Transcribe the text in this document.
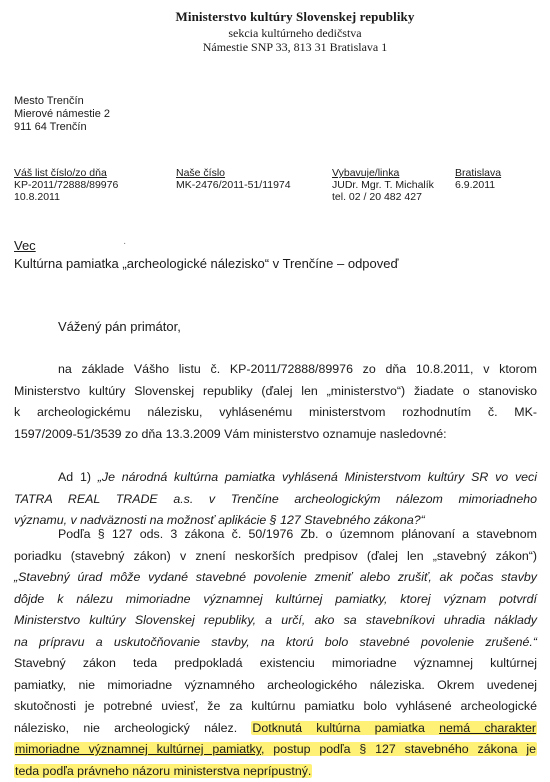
Ministerstvo kultúry Slovenskej republiky
sekcia kultúrneho dedičstva
Námestie SNP 33, 813 31 Bratislava 1
Mesto Trenčín
Mierové námestie 2
911 64 Trenčín
Váš list číslo/zo dňa
KP-2011/72888/89976
10.8.2011
Naše číslo
MK-2476/2011-51/11974
Vybavuje/linka
JUDr. Mgr. T. Michalík
tel. 02 / 20 482 427
Bratislava
6.9.2011
Vec
Kultúrna pamiatka „archeologické nálezisko“ v Trenčíne – odpoveď
Vážený pán primátor,
na základe Vášho listu č. KP-2011/72888/89976 zo dňa 10.8.2011, v ktorom
Ministerstvo kultúry Slovenskej republiky (ďalej len „ministerstvo“) žiadate o stanovisko
k archeologickému nálezisku, vyhlásenému ministerstvom rozhodnutím č. MK-
1597/2009-51/3539 zo dňa 13.3.2009 Vám ministerstvo oznamuje nasledovné:
Ad 1) „Je národná kultúrna pamiatka vyhlásená Ministerstvom kultúry SR vo veci
TATRA REAL TRADE a.s. v Trenčíne archeologickým nálezom mimoriadneho
významu, v nadväznosti na možnosť aplikácie § 127 Stavebného zákona?“
Podľa § 127 ods. 3 zákona č. 50/1976 Zb. o územnom plánovaní a stavebnom
poriadku (stavebný zákon) v znení neskorších predpisov (ďalej len „stavebný zákon“)
„Stavebný úrad môže vydané stavebné povolenie zmeniť alebo zrušiť, ak počas stavby
dôjde k nálezu mimoriadne významnej kultúrnej pamiatky, ktorej význam potvrdí
Ministerstvo kultúry Slovenskej republiky, a určí, ako sa stavebníkovi uhradia náklady
na prípravu a uskutočňovanie stavby, na ktorú bolo stavebné povolenie zrušené.“
Stavebný zákon teda predpokladá existenciu mimoriadne významnej kultúrnej
pamiatky, nie mimoriadne významného archeologického náleziska. Okrem uvedenej
skutočnosti je potrebné uviesť, že za kultúrnu pamiatku bolo vyhlásené archeologické
nálezisko, nie archeologický nález. Dotknutá kultúrna pamiatka nemá charakter
mimoriadne významnej kultúrnej pamiatky, postup podľa § 127 stavebného zákona je
teda podľa právneho názoru ministerstva neprípustný.
·
